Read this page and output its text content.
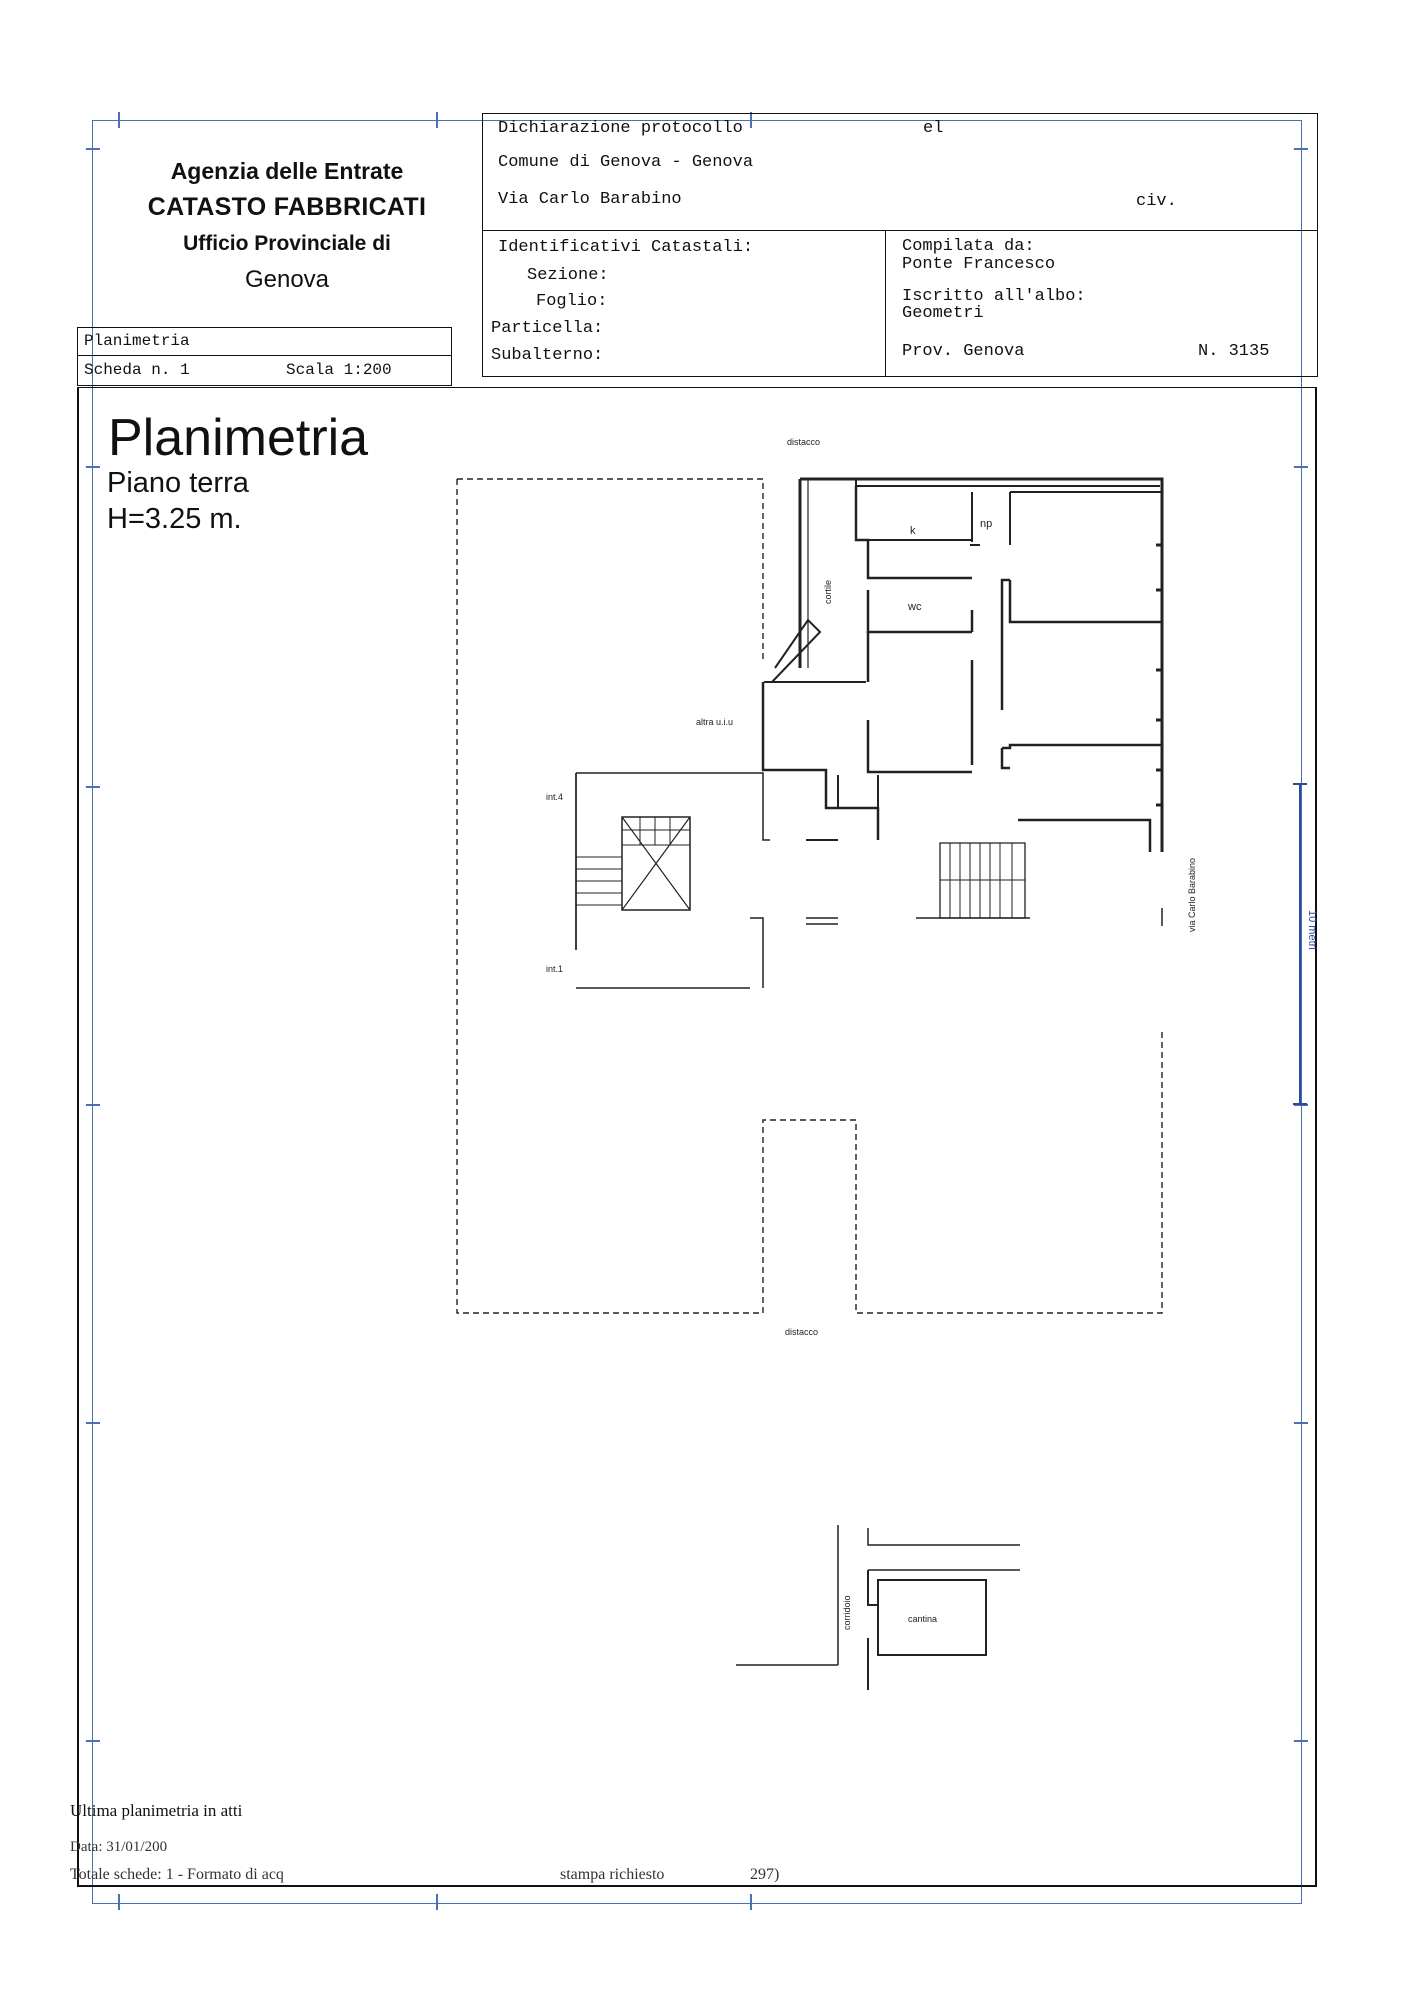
Agenzia delle Entrate
CATASTO FABBRICATI
Ufficio Provinciale di
Genova
Planimetria
Scheda n. 1	Scala 1:200
Dichiarazione protocollo	el
Comune di Genova - Genova
Via Carlo Barabino	civ.
Identificativi Catastali:
Sezione:
Foglio:
Particella:
Subalterno:
Compilata da:
Ponte Francesco
Iscritto all'albo:
Geometri
Prov. Genova	N. 3135
Planimetria
Piano terra
H=3.25 m.
distacco
distacco
k
np
wc
cortile
altra u.i.u
int.4
int.1
via Carlo Barabino
corridoio	cantina
10 metri
Ultima planimetria in atti
Data: 31/01/200
Totale schede: 1 - Formato di acq	stampa richiesto	297)
